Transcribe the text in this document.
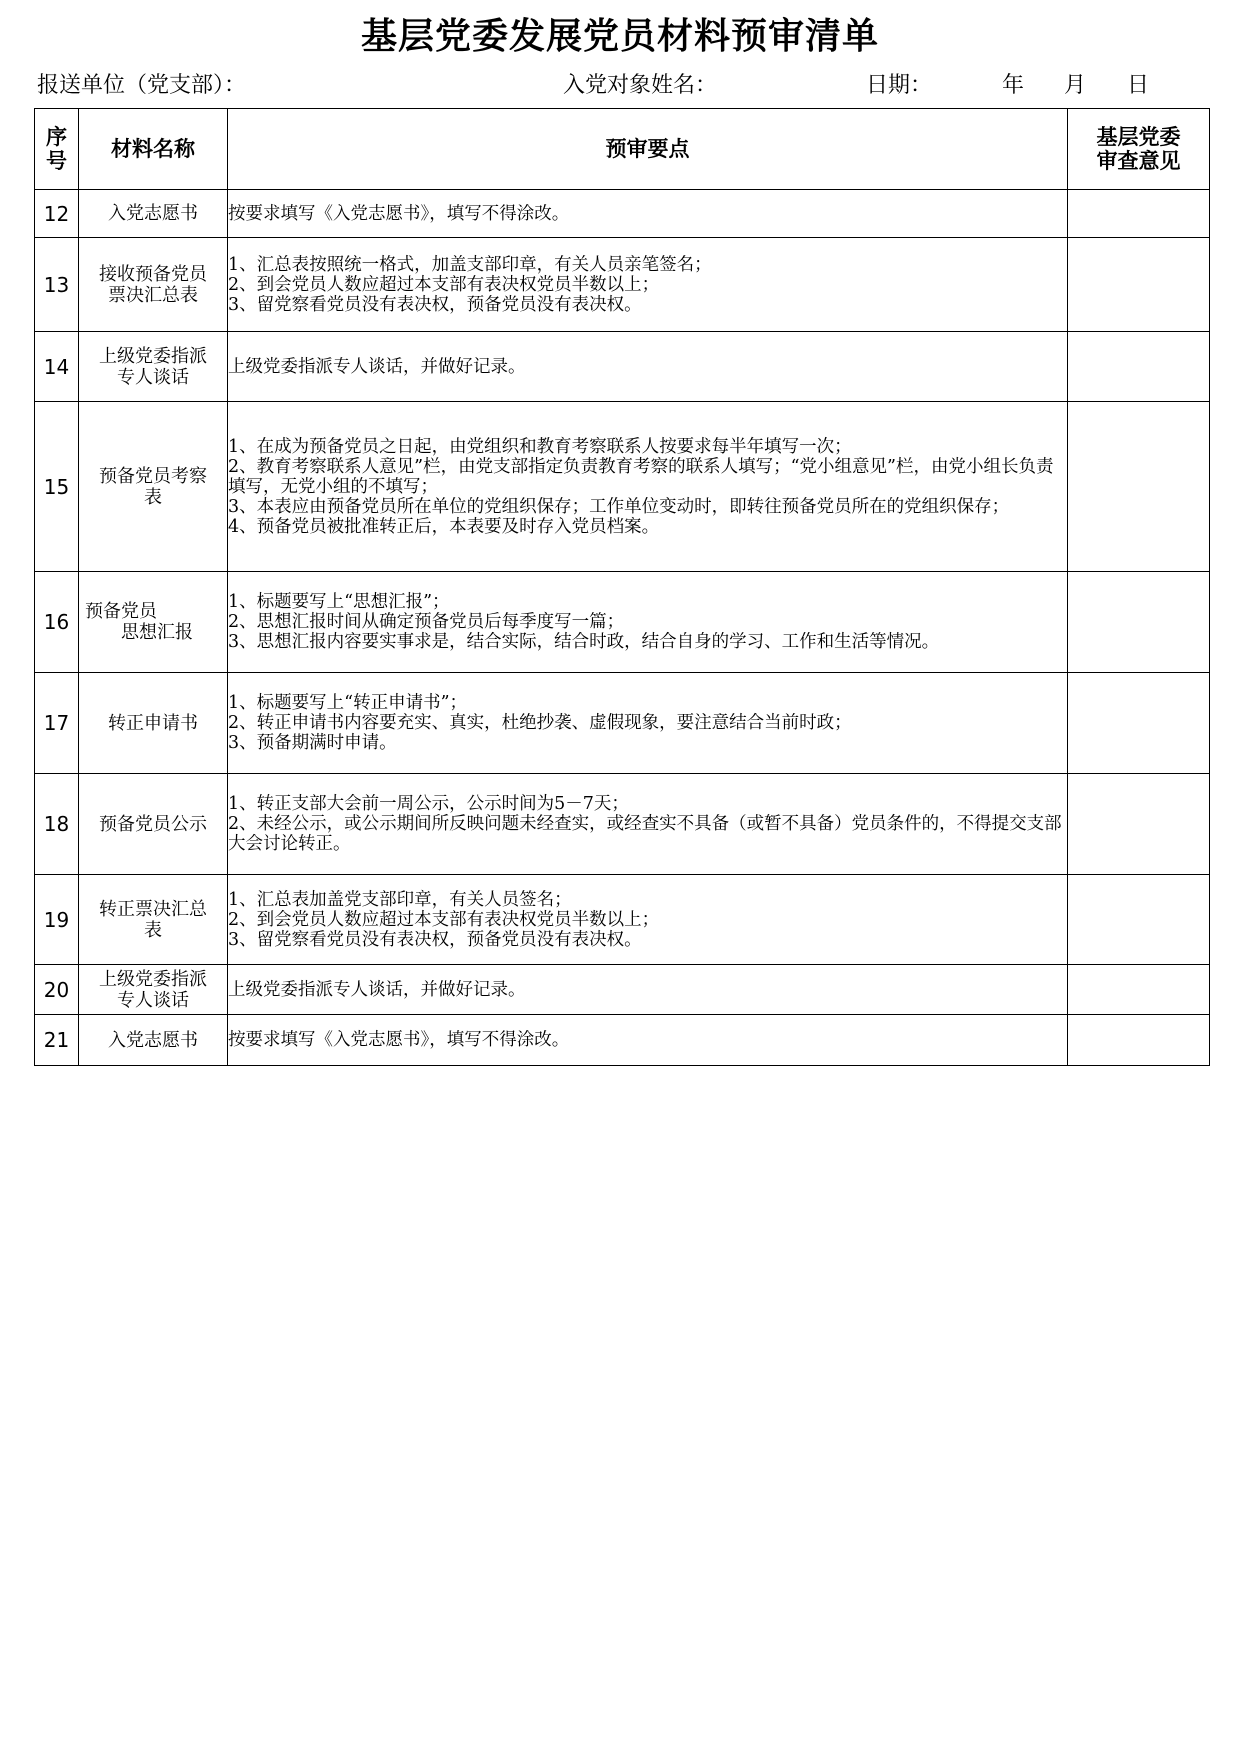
基层党委发展党员材料预审清单
报送单位（党支部）：	入党对象姓名：	日期：	年 月 日
序
号	材料名称	预审要点	基层党委
审查意见
12	入党志愿书	按要求填写《入党志愿书》，填写不得涂改。	

13	接收预备党员
票决汇总表	1、汇总表按照统一格式，加盖支部印章，有关人员亲笔签名；
2、到会党员人数应超过本支部有表决权党员半数以上；
3、留党察看党员没有表决权，预备党员没有表决权。	

14	上级党委指派
专人谈话	上级党委指派专人谈话，并做好记录。	

15	预备党员考察
表	1、在成为预备党员之日起，由党组织和教育考察联系人按要求每半年填写一次；
2、教育考察联系人意见”栏，由党支部指定负责教育考察的联系人填写；“党小组意见”栏，由党小组长负责填写，无党小组的不填写；
3、本表应由预备党员所在单位的党组织保存；工作单位变动时，即转往预备党员所在的党组织保存；
4、预备党员被批准转正后，本表要及时存入党员档案。	

16	预备党员
　　思想汇报	1、标题要写上“思想汇报”；
2、思想汇报时间从确定预备党员后每季度写一篇；
3、思想汇报内容要实事求是，结合实际，结合时政，结合自身的学习、工作和生活等情况。	

17	转正申请书	1、标题要写上“转正申请书”；
2、转正申请书内容要充实、真实，杜绝抄袭、虚假现象，要注意结合当前时政；
3、预备期满时申请。	

18	预备党员公示	1、转正支部大会前一周公示，公示时间为5－7天；
2、未经公示，或公示期间所反映问题未经查实，或经查实不具备（或暂不具备）党员条件的，不得提交支部大会讨论转正。	

19	转正票决汇总
表	1、汇总表加盖党支部印章，有关人员签名；
2、到会党员人数应超过本支部有表决权党员半数以上；
3、留党察看党员没有表决权，预备党员没有表决权。	

20	上级党委指派
专人谈话	上级党委指派专人谈话，并做好记录。	

21	入党志愿书	按要求填写《入党志愿书》，填写不得涂改。	
